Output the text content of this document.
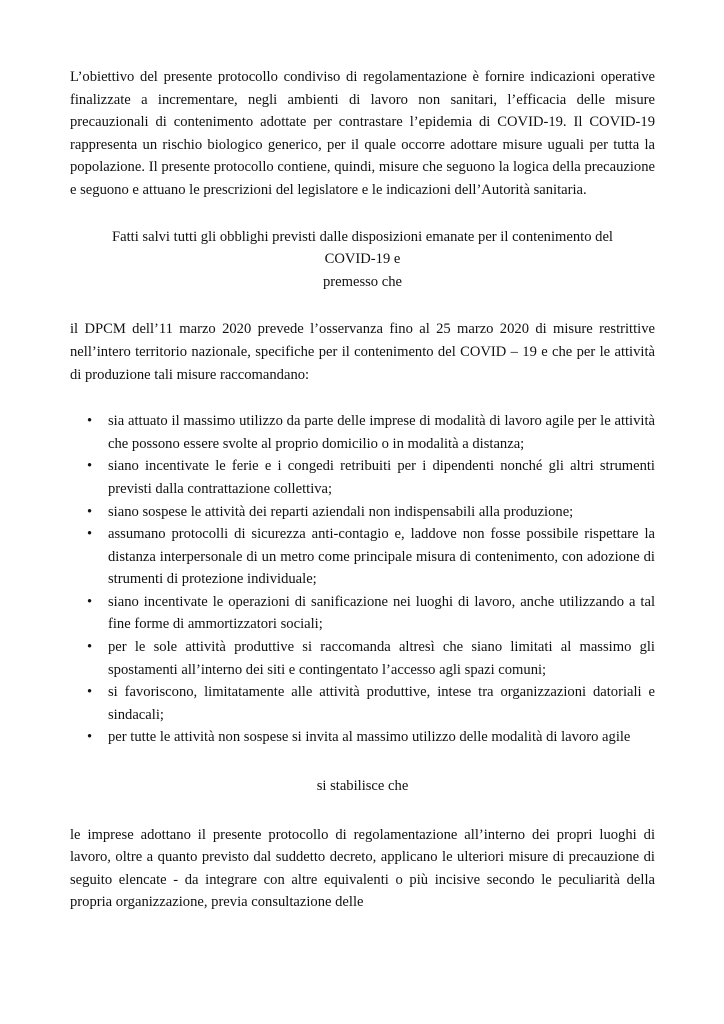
L’obiettivo del presente protocollo condiviso di regolamentazione è fornire indicazioni operative finalizzate a incrementare, negli ambienti di lavoro non sanitari, l’efficacia delle misure precauzionali di contenimento adottate per contrastare l’epidemia di COVID-19. Il COVID-19 rappresenta un rischio biologico generico, per il quale occorre adottare misure uguali per tutta la popolazione. Il presente protocollo contiene, quindi, misure che seguono la logica della precauzione e seguono e attuano le prescrizioni del legislatore e le indicazioni dell’Autorità sanitaria.

Fatti salvi tutti gli obblighi previsti dalle disposizioni emanate per il contenimento del

COVID-19 e

premesso che

il DPCM dell’11 marzo 2020 prevede l’osservanza fino al 25 marzo 2020 di misure restrittive nell’intero territorio nazionale, specifiche per il contenimento del COVID – 19 e che per le attività di produzione tali misure raccomandano:

• sia attuato il massimo utilizzo da parte delle imprese di modalità di lavoro agile per le attività che possono essere svolte al proprio domicilio o in modalità a distanza;
• siano incentivate le ferie e i congedi retribuiti per i dipendenti nonché gli altri strumenti previsti dalla contrattazione collettiva;
• siano sospese le attività dei reparti aziendali non indispensabili alla produzione;
• assumano protocolli di sicurezza anti-contagio e, laddove non fosse possibile rispettare la distanza interpersonale di un metro come principale misura di contenimento, con adozione di strumenti di protezione individuale;
• siano incentivate le operazioni di sanificazione nei luoghi di lavoro, anche utilizzando a tal fine forme di ammortizzatori sociali;
• per le sole attività produttive si raccomanda altresì che siano limitati al massimo gli spostamenti all’interno dei siti e contingentato l’accesso agli spazi comuni;
• si favoriscono, limitatamente alle attività produttive, intese tra organizzazioni datoriali e sindacali;
• per tutte le attività non sospese si invita al massimo utilizzo delle modalità di lavoro agile

si stabilisce che

le imprese adottano il presente protocollo di regolamentazione all’interno dei propri luoghi di lavoro, oltre a quanto previsto dal suddetto decreto, applicano le ulteriori misure di precauzione di seguito elencate - da integrare con altre equivalenti o più incisive secondo le peculiarità della propria organizzazione, previa consultazione delle
